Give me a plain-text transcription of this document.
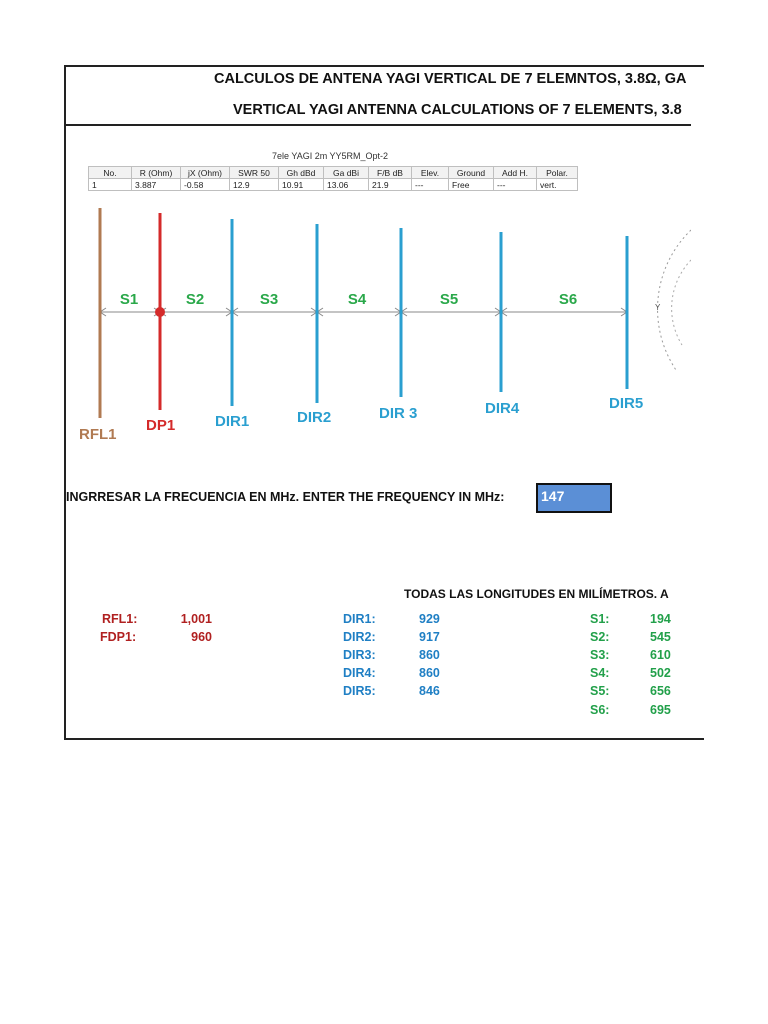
CALCULOS DE ANTENA YAGI VERTICAL DE 7 ELEMNTOS, 3.8Ω, GA
VERTICAL YAGI ANTENNA CALCULATIONS OF 7 ELEMENTS, 3.8
7ele YAGI 2m YY5RM_Opt-2
No.	R (Ohm)	jX (Ohm)	SWR 50	Gh dBd	Ga dBi	F/B dB	Elev.	Ground	Add H.	Polar.
1	3.887	-0.58	12.9	10.91	13.06	21.9	---	Free	---	vert.
Y
S1	S2	S3	S4	S5	S6
RFL1
DP1	DIR1	DIR2	DIR 3	DIR4	DIR5
INGRRESAR LA FRECUENCIA EN MHz. ENTER THE FREQUENCY IN MHz:	147
TODAS LAS LONGITUDES EN MILÍMETROS. A
RFL1:	1,001
FDP1:	960
DIR1:	929
DIR2:	917
DIR3:	860
DIR4:	860
DIR5:	846
S1:	194
S2:	545
S3:	610
S4:	502
S5:	656
S6:	695
